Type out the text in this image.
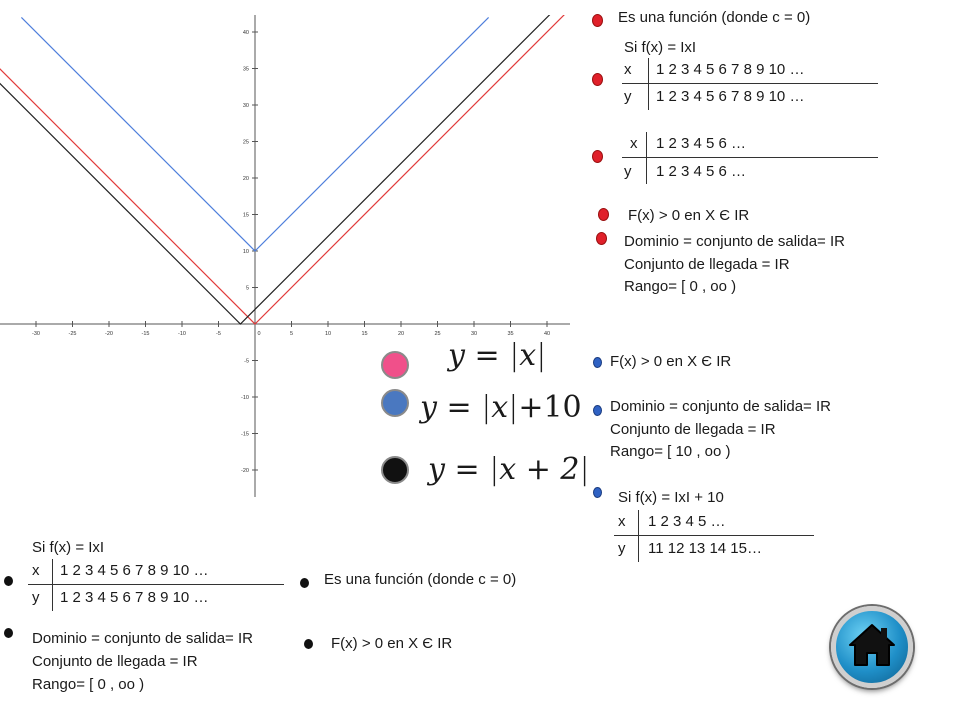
-30	-25	-20	-15	-10	-5	0	5	10	15	20	25	30	35	40
40
35
30
25
20
15
10
5
-5
-10
-15
-20
y = |x|
y = |x|+10
y = |x + 2|
Es una función (donde c = 0)
Si f(x) = IxI
x 1 2 3 4 5 6 7 8 9 10 …
y 1 2 3 4 5 6 7 8 9 10 …
x 1 2 3 4 5 6 …
y 1 2 3 4 5 6 …
F(x) > 0 en X Є IR
Dominio = conjunto de salida= IR
Conjunto de llegada = IR
Rango= [ 0 , oo )
F(x) > 0 en X Є IR
Dominio = conjunto de salida= IR
Conjunto de llegada = IR
Rango= [ 10 , oo )
Si f(x) = IxI + 10
x 1 2 3 4 5 …
y 11 12 13 14 15…
Si f(x) = IxI
x 1 2 3 4 5 6 7 8 9 10 …
y 1 2 3 4 5 6 7 8 9 10 …
Dominio = conjunto de salida= IR
Conjunto de llegada = IR
Rango= [ 0 , oo )
Es una función (donde c = 0)
F(x) > 0 en X Є IR
